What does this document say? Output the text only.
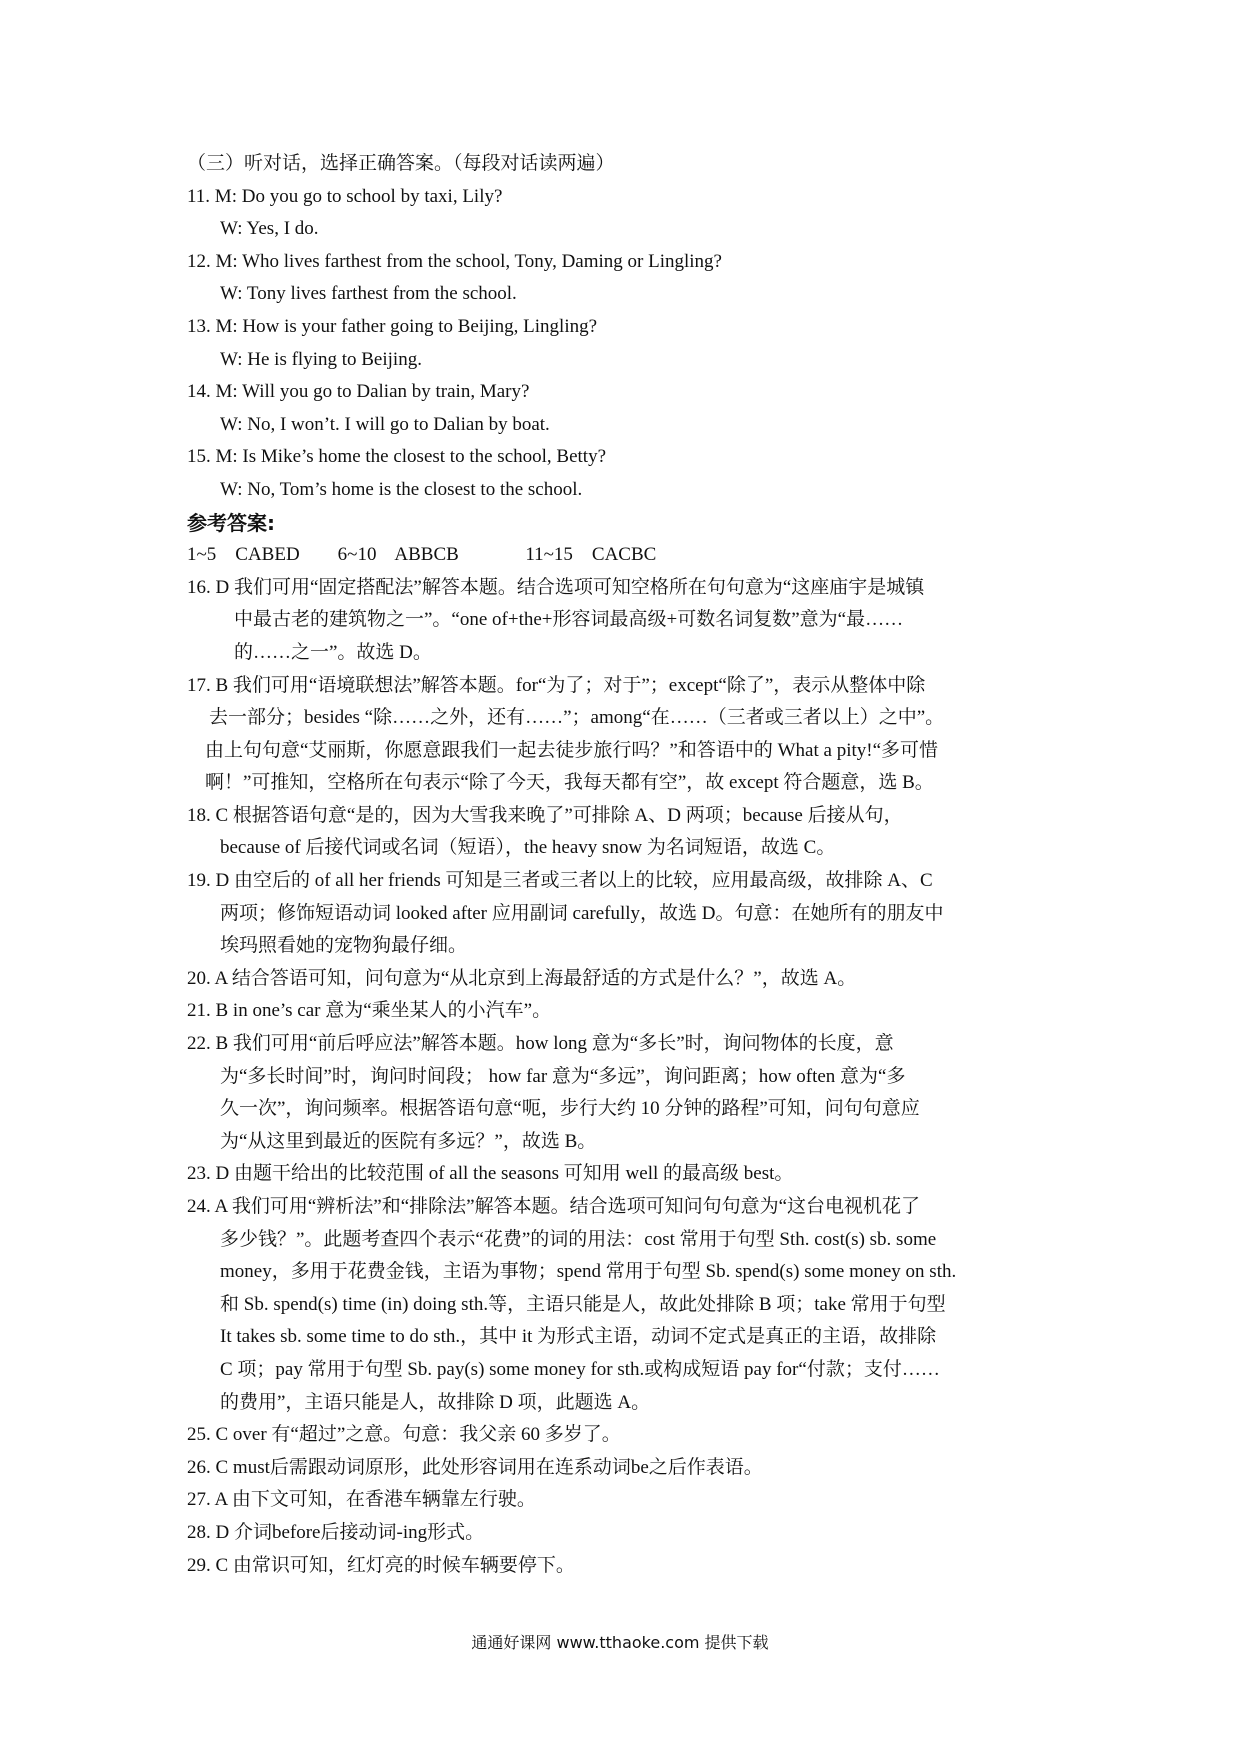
（三）听对话，选择正确答案。（每段对话读两遍）

11. M: Do you go to school by taxi, Lily?

W: Yes, I do.

12. M: Who lives farthest from the school, Tony, Daming or Lingling?

W: Tony lives farthest from the school.

13. M: How is your father going to Beijing, Lingling?

W: He is flying to Beijing.

14. M: Will you go to Dalian by train, Mary?

W: No, I won’t. I will go to Dalian by boat.

15. M: Is Mike’s home the closest to the school, Betty?

W: No, Tom’s home is the closest to the school.

参考答案:

1~5    CABED        6~10    ABBCB              11~15    CACBC

16. D 我们可用“固定搭配法”解答本题。结合选项可知空格所在句句意为“这座庙宇是城镇

中最古老的建筑物之一”。“one of+the+形容词最高级+可数名词复数”意为“最……

的……之一”。故选 D。

17. B 我们可用“语境联想法”解答本题。for“为了；对于”；except“除了”，表示从整体中除

去一部分；besides “除……之外，还有……”；among“在……（三者或三者以上）之中”。

由上句句意“艾丽斯，你愿意跟我们一起去徒步旅行吗？”和答语中的 What a pity!“多可惜

啊！”可推知，空格所在句表示“除了今天，我每天都有空”，故 except 符合题意，选 B。

18. C 根据答语句意“是的，因为大雪我来晚了”可排除 A、D 两项；because 后接从句，

because of 后接代词或名词（短语），the heavy snow 为名词短语，故选 C。

19. D 由空后的 of all her friends 可知是三者或三者以上的比较，应用最高级，故排除 A、C

两项；修饰短语动词 looked after 应用副词 carefully，故选 D。句意：在她所有的朋友中

埃玛照看她的宠物狗最仔细。

20. A 结合答语可知，问句意为“从北京到上海最舒适的方式是什么？”，故选 A。

21. B in one’s car 意为“乘坐某人的小汽车”。

22. B 我们可用“前后呼应法”解答本题。how long 意为“多长”时，询问物体的长度，意

为“多长时间”时，询问时间段； how far 意为“多远”，询问距离；how often 意为“多

久一次”，询问频率。根据答语句意“呃，步行大约 10 分钟的路程”可知，问句句意应

为“从这里到最近的医院有多远？”，故选 B。

23. D 由题干给出的比较范围 of all the seasons 可知用 well 的最高级 best。

24. A 我们可用“辨析法”和“排除法”解答本题。结合选项可知问句句意为“这台电视机花了

多少钱？”。此题考查四个表示“花费”的词的用法：cost 常用于句型 Sth. cost(s) sb. some

money，多用于花费金钱，主语为事物；spend 常用于句型 Sb. spend(s) some money on sth.

和 Sb. spend(s) time (in) doing sth.等，主语只能是人，故此处排除 B 项；take 常用于句型

It takes sb. some time to do sth.，其中 it 为形式主语，动词不定式是真正的主语，故排除

C 项；pay 常用于句型 Sb. pay(s) some money for sth.或构成短语 pay for“付款；支付……

的费用”，主语只能是人，故排除 D 项，此题选 A。

25. C over 有“超过”之意。句意：我父亲 60 多岁了。

26. C must后需跟动词原形，此处形容词用在连系动词be之后作表语。

27. A 由下文可知，在香港车辆靠左行驶。

28. D 介词before后接动词-ing形式。

29. C 由常识可知，红灯亮的时候车辆要停下。

通通好课网 www.tthaoke.com 提供下载
